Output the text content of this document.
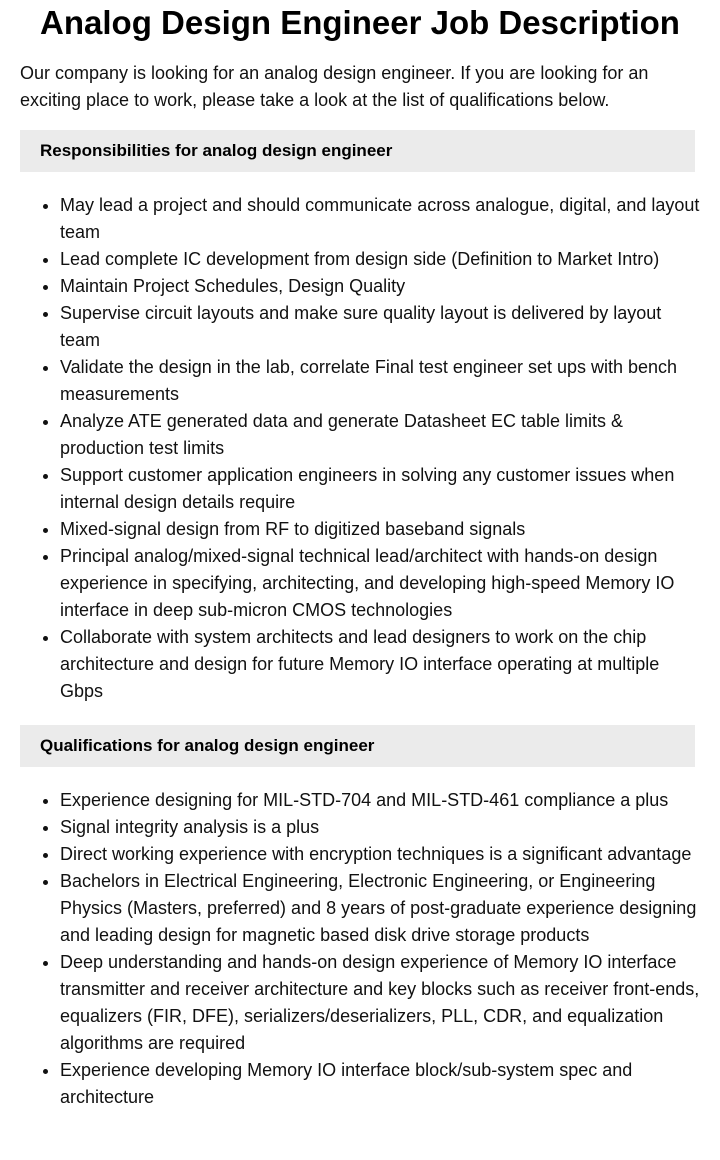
Analog Design Engineer Job Description

Our company is looking for an analog design engineer. If you are looking for an exciting place to work, please take a look at the list of qualifications below.

Responsibilities for analog design engineer
• May lead a project and should communicate across analogue, digital, and layout team
• Lead complete IC development from design side (Definition to Market Intro)
• Maintain Project Schedules, Design Quality
• Supervise circuit layouts and make sure quality layout is delivered by layout team
• Validate the design in the lab, correlate Final test engineer set ups with bench measurements
• Analyze ATE generated data and generate Datasheet EC table limits & production test limits
• Support customer application engineers in solving any customer issues when internal design details require
• Mixed-signal design from RF to digitized baseband signals
• Principal analog/mixed-signal technical lead/architect with hands-on design experience in specifying, architecting, and developing high-speed Memory IO interface in deep sub-micron CMOS technologies
• Collaborate with system architects and lead designers to work on the chip architecture and design for future Memory IO interface operating at multiple Gbps
Qualifications for analog design engineer
• Experience designing for MIL-STD-704 and MIL-STD-461 compliance a plus
• Signal integrity analysis is a plus
• Direct working experience with encryption techniques is a significant advantage
• Bachelors in Electrical Engineering, Electronic Engineering, or Engineering Physics (Masters, preferred) and 8 years of post-graduate experience designing and leading design for magnetic based disk drive storage products
• Deep understanding and hands-on design experience of Memory IO interface transmitter and receiver architecture and key blocks such as receiver front-ends, equalizers (FIR, DFE), serializers/deserializers, PLL, CDR, and equalization algorithms are required
• Experience developing Memory IO interface block/sub-system spec and architecture
